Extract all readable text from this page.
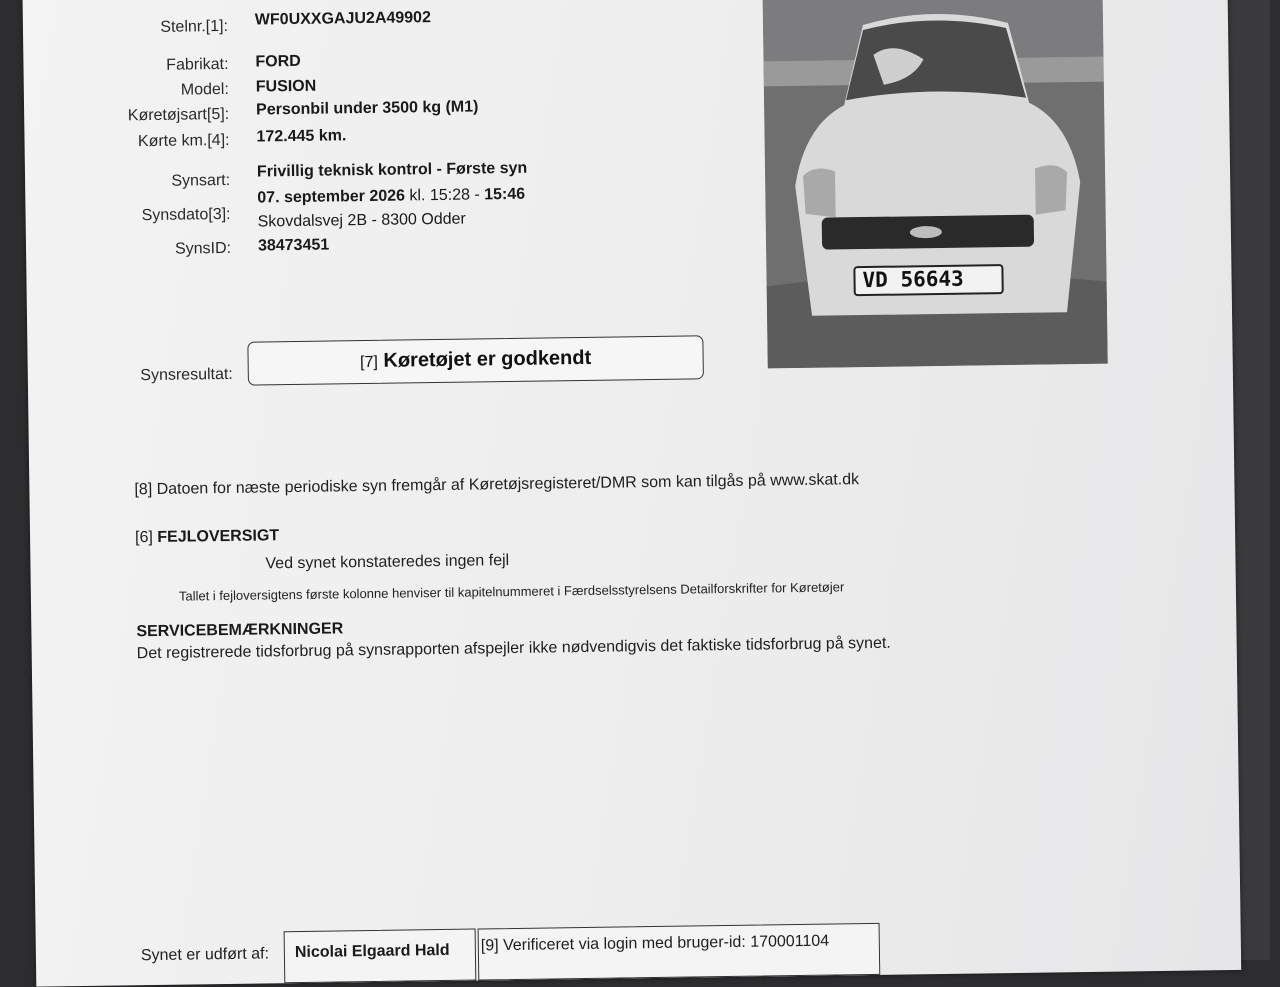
Stelnr.[1]: WF0UXXGAJU2A49902
Fabrikat: FORD
Model: FUSION
Køretøjsart[5]: Personbil under 3500 kg (M1)
Kørte km.[4]: 172.445 km.
Synsart:
Frivillig teknisk kontrol - Første syn
Synsdato[3]:
07. september 2026 kl. 15:28 - 15:46
Skovdalsvej 2B - 8300 Odder
SynsID: 38473451
VD 56643
Synsresultat:
[7] Køretøjet er godkendt
[8] Datoen for næste periodiske syn fremgår af Køretøjsregisteret/DMR som kan tilgås på www.skat.dk
[6] FEJLOVERSIGT
Ved synet konstateredes ingen fejl
Tallet i fejloversigtens første kolonne henviser til kapitelnummeret i Færdselsstyrelsens Detailforskrifter for Køretøjer
SERVICEBEMÆRKNINGER
Det registrerede tidsforbrug på synsrapporten afspejler ikke nødvendigvis det faktiske tidsforbrug på synet.
Synet er udført af: Nicolai Elgaard Hald [9] Verificeret via login med bruger-id: 170001104
